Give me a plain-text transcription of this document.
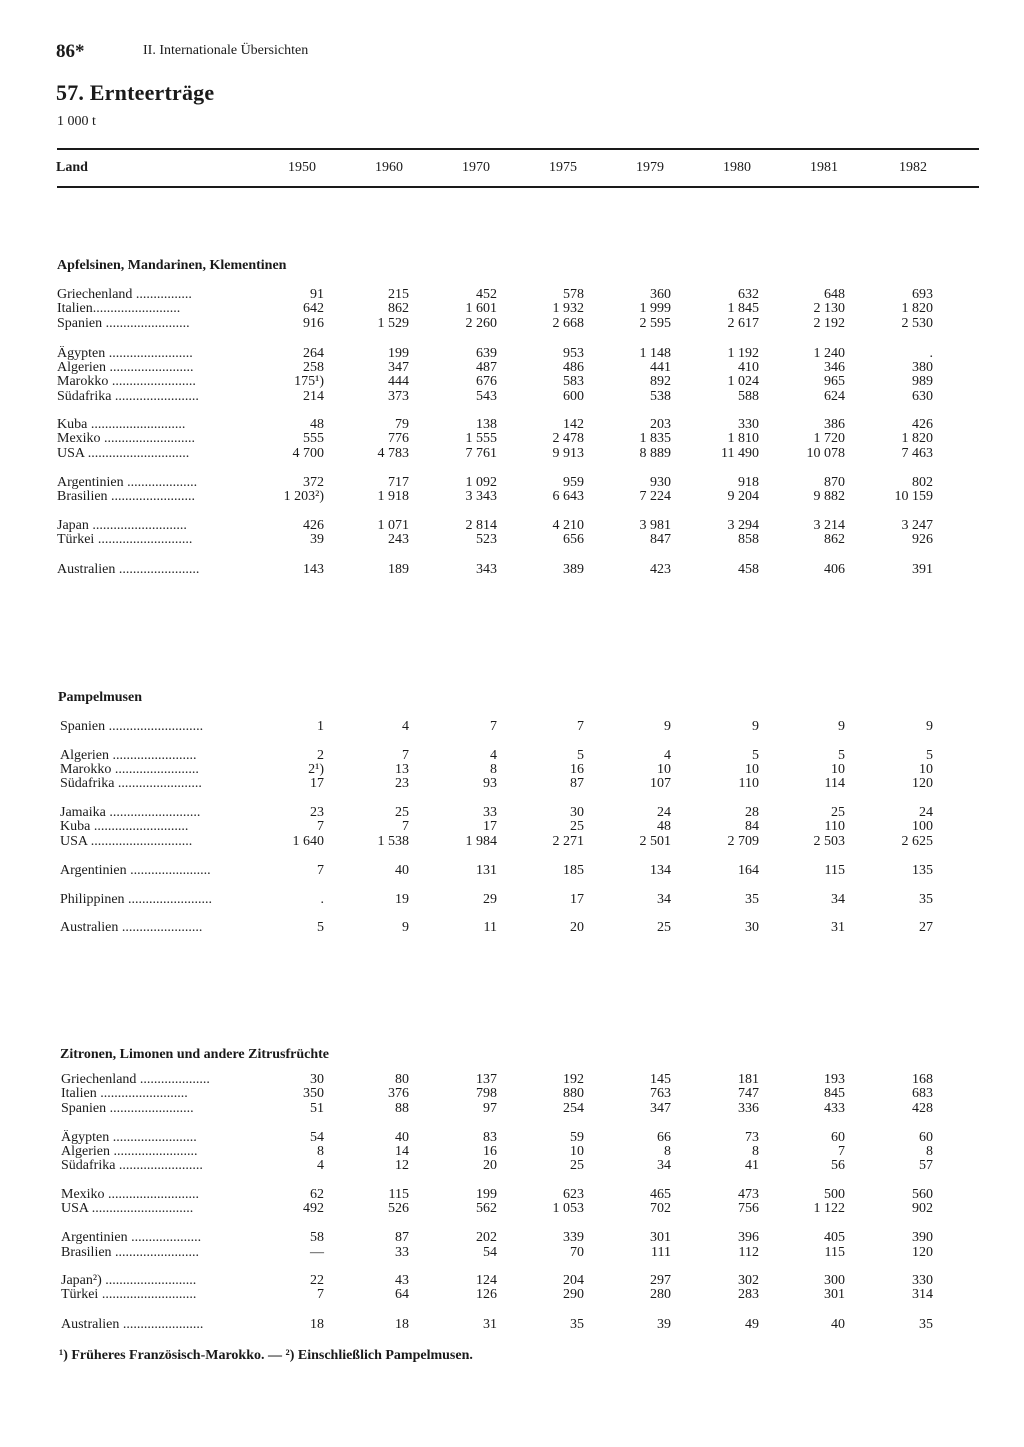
86*	II. Internationale Übersichten
57. Ernteerträge
1 000 t
Land	1950	1960	1970	1975	1979	1980	1981	1982
Apfelsinen, Mandarinen, Klementinen
Griechenland ................	91	215	452	578	360	632	648	693
Italien.........................	642	862	1 601	1 932	1 999	1 845	2 130	1 820
Spanien ........................	916	1 529	2 260	2 668	2 595	2 617	2 192	2 530
Ägypten ........................	264	199	639	953	1 148	1 192	1 240	.
Algerien ........................	258	347	487	486	441	410	346	380
Marokko ........................	175¹)	444	676	583	892	1 024	965	989
Südafrika ........................	214	373	543	600	538	588	624	630
Kuba ...........................	48	79	138	142	203	330	386	426
Mexiko ..........................	555	776	1 555	2 478	1 835	1 810	1 720	1 820
USA .............................	4 700	4 783	7 761	9 913	8 889	11 490	10 078	7 463
Argentinien ....................	372	717	1 092	959	930	918	870	802
Brasilien ........................	1 203²)	1 918	3 343	6 643	7 224	9 204	9 882	10 159
Japan ...........................	426	1 071	2 814	4 210	3 981	3 294	3 214	3 247
Türkei ...........................	39	243	523	656	847	858	862	926
Australien .......................	143	189	343	389	423	458	406	391
Pampelmusen
Spanien ...........................	1	4	7	7	9	9	9	9
Algerien ........................	2	7	4	5	4	5	5	5
Marokko ........................	2¹)	13	8	16	10	10	10	10
Südafrika ........................	17	23	93	87	107	110	114	120
Jamaika ..........................	23	25	33	30	24	28	25	24
Kuba ...........................	7	7	17	25	48	84	110	100
USA .............................	1 640	1 538	1 984	2 271	2 501	2 709	2 503	2 625
Argentinien .......................	7	40	131	185	134	164	115	135
Philippinen ........................	.	19	29	17	34	35	34	35
Australien .......................	5	9	11	20	25	30	31	27
Zitronen, Limonen und andere Zitrusfrüchte
Griechenland ....................	30	80	137	192	145	181	193	168
Italien .........................	350	376	798	880	763	747	845	683
Spanien ........................	51	88	97	254	347	336	433	428
Ägypten ........................	54	40	83	59	66	73	60	60
Algerien ........................	8	14	16	10	8	8	7	8
Südafrika ........................	4	12	20	25	34	41	56	57
Mexiko ..........................	62	115	199	623	465	473	500	560
USA .............................	492	526	562	1 053	702	756	1 122	902
Argentinien ....................	58	87	202	339	301	396	405	390
Brasilien ........................	—	33	54	70	111	112	115	120
Japan²) ..........................	22	43	124	204	297	302	300	330
Türkei ...........................	7	64	126	290	280	283	301	314
Australien .......................	18	18	31	35	39	49	40	35
¹) Früheres Französisch-Marokko. — ²) Einschließlich Pampelmusen.
